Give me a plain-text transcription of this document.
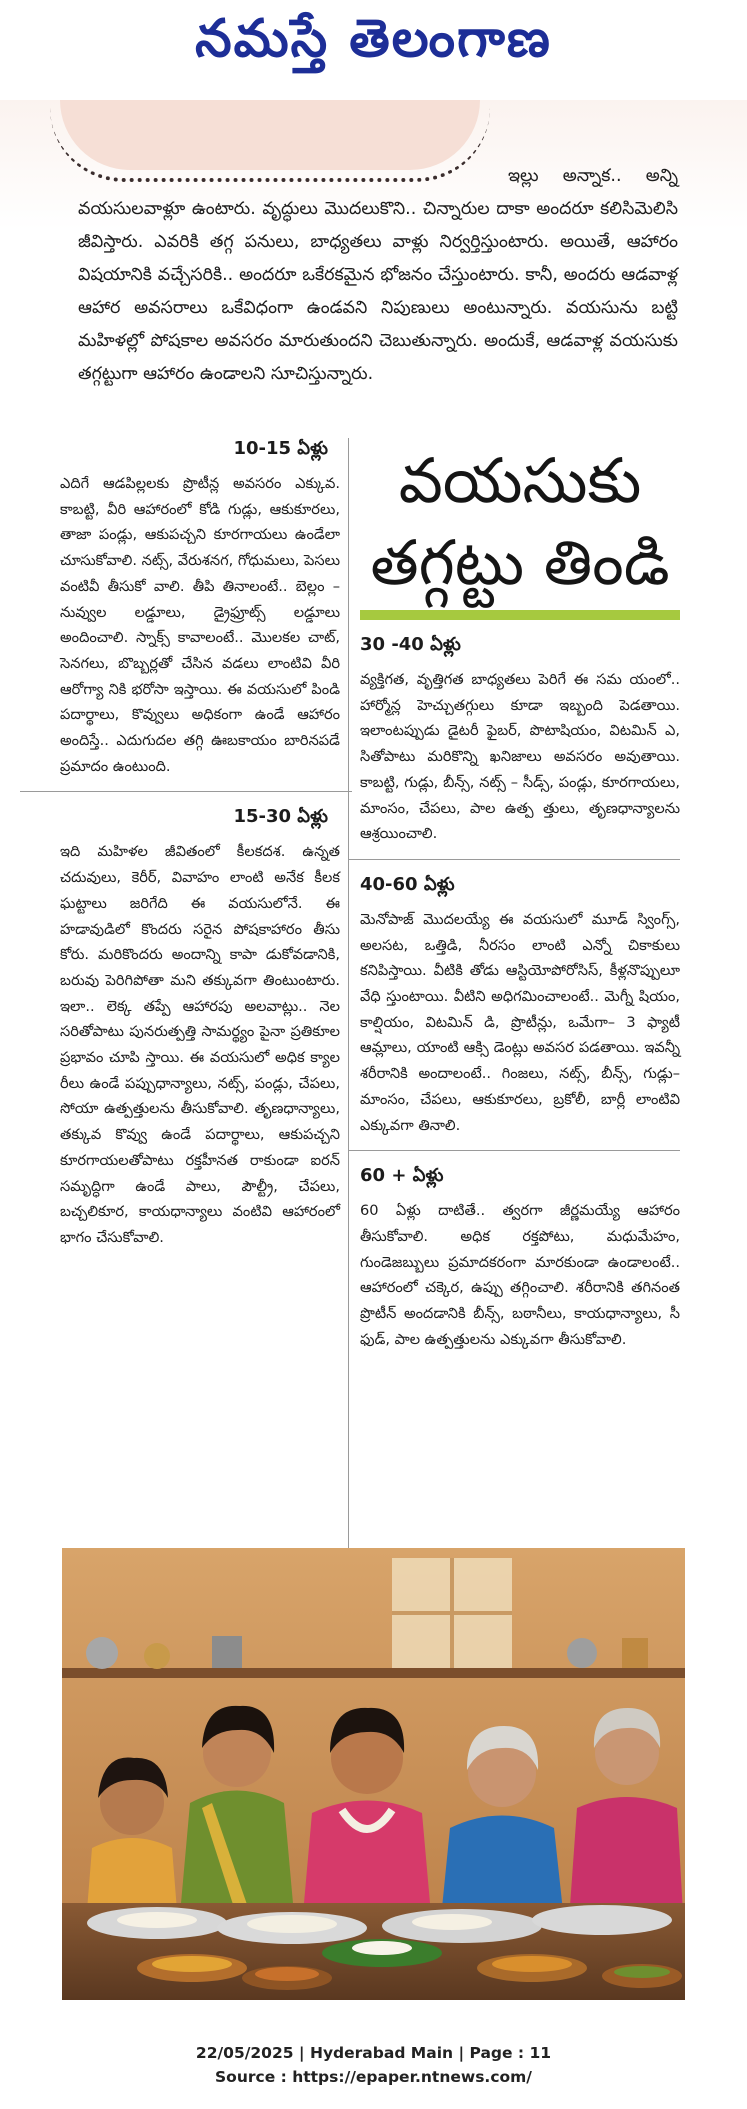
నమస్తే తెలంగాణ
ఇల్లు అన్నాక.. అన్ని వయసులవాళ్లూ ఉంటారు. వృద్ధులు మొదలుకొని.. చిన్నారుల దాకా అందరూ కలిసిమెలిసి జీవిస్తారు. ఎవరికి తగ్గ పనులు, బాధ్యతలు వాళ్లు నిర్వర్తిస్తుంటారు. అయితే, ఆహారం విషయానికి వచ్చేసరికి.. అందరూ ఒకేరకమైన భోజనం చేస్తుంటారు. కానీ, అందరు ఆడవాళ్ల ఆహార అవసరాలు ఒకేవిధంగా ఉండవని నిపుణులు అంటున్నారు. వయసును బట్టి మహిళల్లో పోషకాల అవసరం మారుతుందని చెబుతున్నారు. అందుకే, ఆడవాళ్ల వయసుకు తగ్గట్టుగా ఆహారం ఉండాలని సూచిస్తున్నారు.
10-15 ఏళ్లు

ఎదిగే ఆడపిల్లలకు ప్రొటీన్ల అవసరం ఎక్కువ. కాబట్టి, వీరి ఆహారంలో కోడి గుడ్లు, ఆకుకూరలు, తాజా పండ్లు, ఆకుపచ్చని కూరగాయలు ఉండేలా చూసుకోవాలి. నట్స్, వేరుశనగ, గోధుమలు, పెసలు వంటివీ తీసుకో వాలి. తీపి తినాలంటే.. బెల్లం – నువ్వుల లడ్డూలు, డ్రైఫ్రూట్స్ లడ్డూలు అందించాలి. స్నాక్స్ కావాలంటే.. మొలకల చాట్, సెనగలు, బొబ్బర్లతో చేసిన వడలు లాంటివి వీరి ఆరోగ్యా నికి భరోసా ఇస్తాయి. ఈ వయసులో పిండి పదార్థాలు, కొవ్వులు అధికంగా ఉండే ఆహారం అందిస్తే.. ఎదుగుదల తగ్గి ఊబకాయం బారినపడే ప్రమాదం ఉంటుంది.

15-30 ఏళ్లు

ఇది మహిళల జీవితంలో కీలకదశ. ఉన్నత చదువులు, కెరీర్, వివాహం లాంటి అనేక కీలక ఘట్టాలు జరిగేది ఈ వయసులోనే. ఈ హడావుడిలో కొందరు సరైన పోషకాహారం తీసు కోరు. మరికొందరు అందాన్ని కాపా డుకోవడానికి, బరువు పెరిగిపోతా మని తక్కువగా తింటుంటారు. ఇలా.. లెక్క తప్పే ఆహారపు అలవాట్లు.. నెల సరితోపాటు పునరుత్పత్తి సామర్థ్యం పైనా ప్రతికూల ప్రభావం చూపి స్తాయి. ఈ వయసులో అధిక క్యాల రీలు ఉండే పప్పుధాన్యాలు, నట్స్, పండ్లు, చేపలు, సోయా ఉత్పత్తులను తీసుకోవాలి. తృణధాన్యాలు, తక్కువ కొవ్వు ఉండే పదార్థాలు, ఆకుపచ్చని కూరగాయలతోపాటు రక్తహీనత రాకుండా ఐరన్ సమృద్ధిగా ఉండే పాలు, పౌల్ట్రీ, చేపలు, బచ్చలికూర, కాయధాన్యాలు వంటివి ఆహారంలో భాగం చేసుకోవాలి.

వయసుకు
తగ్గట్టు తిండి
30 -40 ఏళ్లు

వ్యక్తిగత, వృత్తిగత బాధ్యతలు పెరిగే ఈ సమ యంలో.. హార్మోన్ల హెచ్చుతగ్గులు కూడా ఇబ్బంది పెడతాయి. ఇలాంటప్పుడు డైటరీ ఫైబర్, పొటాషియం, విటమిన్ ఎ, సితోపాటు మరికొన్ని ఖనిజాలు అవసరం అవుతాయి. కాబట్టి, గుడ్లు, బీన్స్, నట్స్ – సీడ్స్, పండ్లు, కూరగాయలు, మాంసం, చేపలు, పాల ఉత్ప త్తులు, తృణధాన్యాలను ఆశ్రయించాలి.

40-60 ఏళ్లు

మెనోపాజ్ మొదలయ్యే ఈ వయసులో మూడ్ స్వింగ్స్, అలసట, ఒత్తిడి, నీరసం లాంటి ఎన్నో చికాకులు కనిపిస్తాయి. వీటికి తోడు ఆస్టియోపోరోసిస్, కీళ్లనొప్పులూ వేధి స్తుంటాయి. వీటిని అధిగమించాలంటే.. మెగ్నీ షియం, కాల్షియం, విటమిన్ డి, ప్రొటీన్లు, ఒమేగా– 3 ఫ్యాటీ ఆమ్లాలు, యాంటి ఆక్సి డెంట్లు అవసర పడతాయి. ఇవన్నీ శరీరానికి అందాలంటే.. గింజలు, నట్స్, బీన్స్, గుడ్లు– మాంసం, చేపలు, ఆకుకూరలు, బ్రకోలీ, బార్లీ లాంటివి ఎక్కువగా తినాలి.

60 + ఏళ్లు

60 ఏళ్లు దాటితే.. త్వరగా జీర్ణమయ్యే ఆహారం తీసుకోవాలి. అధిక రక్తపోటు, మధుమేహం, గుండెజబ్బులు ప్రమాదకరంగా మారకుండా ఉండాలంటే.. ఆహారంలో చక్కెర, ఉప్పు తగ్గించాలి. శరీరానికి తగినంత ప్రొటీన్ అందడానికి బీన్స్, బఠానీలు, కాయధాన్యాలు, సీ ఫుడ్, పాల ఉత్పత్తులను ఎక్కువగా తీసుకోవాలి.

22/05/2025 | Hyderabad Main | Page : 11
Source : https://epaper.ntnews.com/
